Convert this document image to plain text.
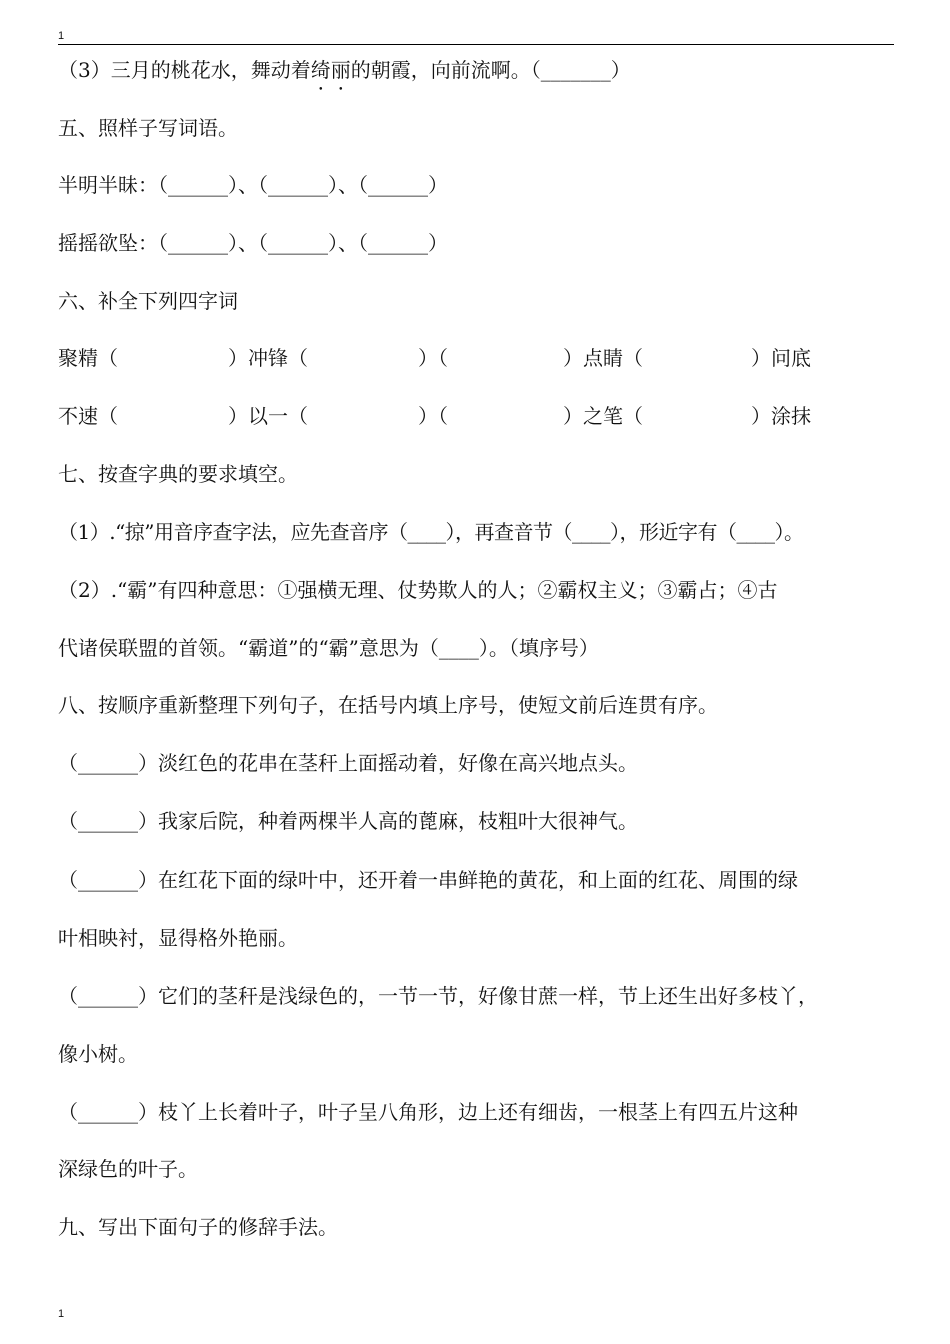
1
（3）三月的桃花水，舞动着绮丽的朝霞，向前流啊。（_______）
五、照样子写词语。
半明半昧：（______）、（______）、（______）
摇摇欲坠：（______）、（______）、（______）
六、补全下列四字词
聚精（	）冲锋（	）（	）点睛（	）问底
不速（	）以一（	）（	）之笔（	）涂抹
七、按查字典的要求填空。
（1）.“掠”用音序查字法，应先查音序（____），再查音节（____），形近字有（____）。
（2）.“霸”有四种意思：①强横无理、仗势欺人的人；②霸权主义；③霸占；④古
代诸侯联盟的首领。“霸道”的“霸”意思为（____）。（填序号）
八、按顺序重新整理下列句子，在括号内填上序号，使短文前后连贯有序。
（______）淡红色的花串在茎秆上面摇动着，好像在高兴地点头。
（______）我家后院，种着两棵半人高的蓖麻，枝粗叶大很神气。
（______）在红花下面的绿叶中，还开着一串鲜艳的黄花，和上面的红花、周围的绿
叶相映衬，显得格外艳丽。
（______）它们的茎秆是浅绿色的，一节一节，好像甘蔗一样，节上还生出好多枝丫，
像小树。
（______）枝丫上长着叶子，叶子呈八角形，边上还有细齿，一根茎上有四五片这种
深绿色的叶子。
九、写出下面句子的修辞手法。
1
